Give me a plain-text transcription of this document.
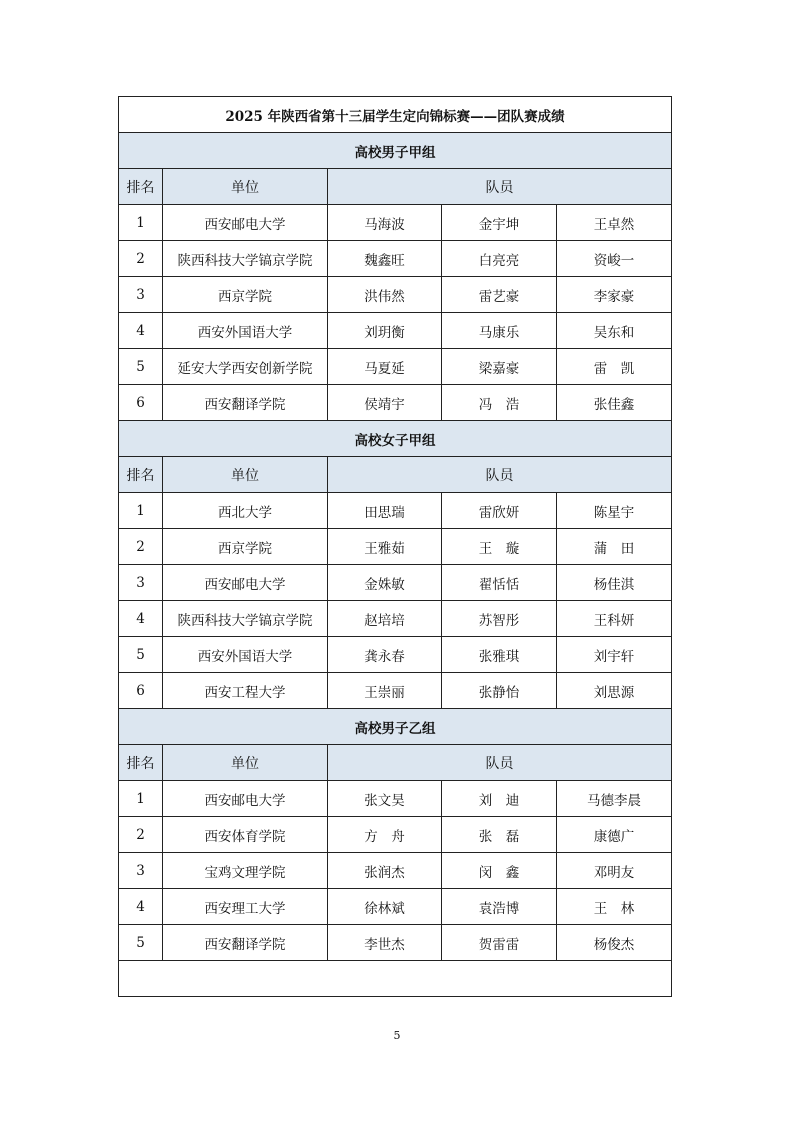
2025 年陕西省第十三届学生定向锦标赛——团队赛成绩				
高校男子甲组				
排名	单位	队员		
1	西安邮电大学	马海波	金宇坤	王卓然
2	陕西科技大学镐京学院	魏鑫旺	白亮亮	资峻一
3	西京学院	洪伟然	雷艺豪	李家豪
4	西安外国语大学	刘玥衡	马康乐	吴东和
5	延安大学西安创新学院	马夏延	梁嘉豪	雷　凯
6	西安翻译学院	侯靖宇	冯　浩	张佳鑫
高校女子甲组				
排名	单位	队员		
1	西北大学	田思瑞	雷欣妍	陈星宇
2	西京学院	王雅茹	王　璇	蒲　田
3	西安邮电大学	金姝敏	翟恬恬	杨佳淇
4	陕西科技大学镐京学院	赵培培	苏智彤	王科妍
5	西安外国语大学	龚永春	张雅琪	刘宇轩
6	西安工程大学	王崇丽	张静怡	刘思源
高校男子乙组				
排名	单位	队员		
1	西安邮电大学	张文昊	刘　迪	马德李晨
2	西安体育学院	方　舟	张　磊	康德广
3	宝鸡文理学院	张润杰	闵　鑫	邓明友
4	西安理工大学	徐林斌	袁浩博	王　林
5	西安翻译学院	李世杰	贺雷雷	杨俊杰

5
